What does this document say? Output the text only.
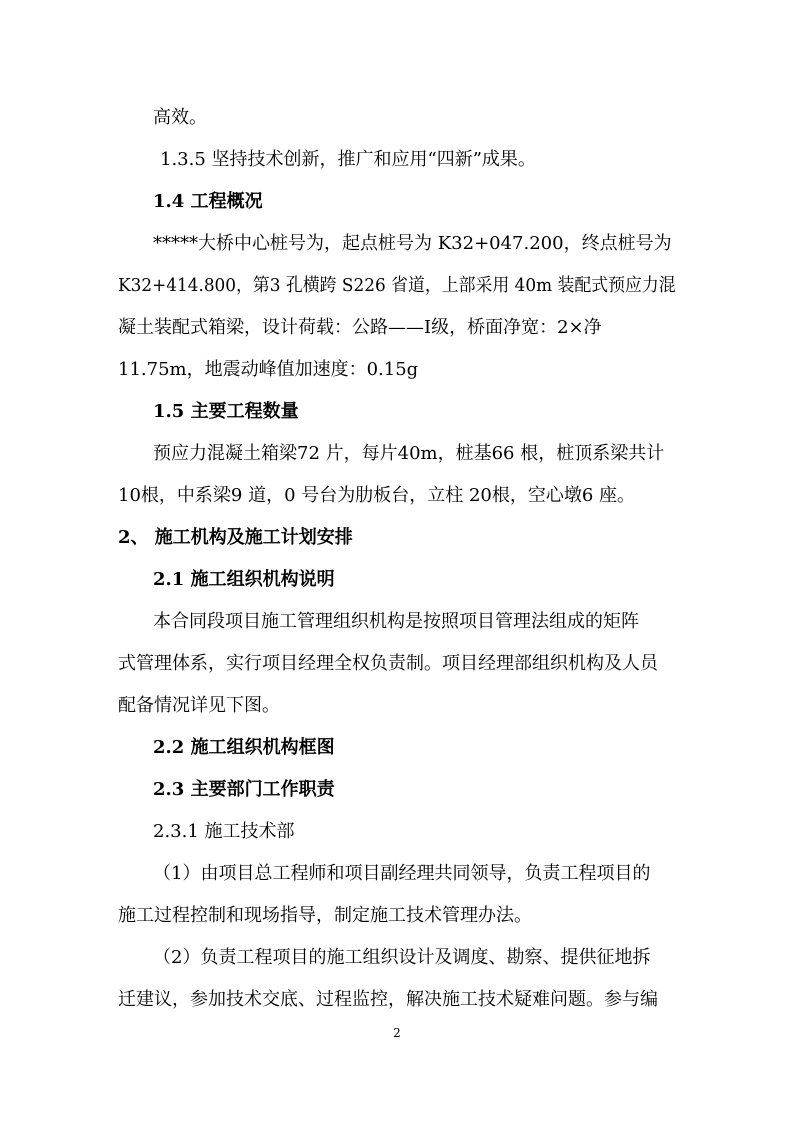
高效。
1.3.5 坚持技术创新，推广和应用“四新”成果。
1.4 工程概况
*****大桥中心桩号为，起点桩号为 K32+047.200，终点桩号为
K32+414.800，第3 孔横跨 S226 省道，上部采用 40m 装配式预应力混
凝土装配式箱梁，设计荷载：公路——Ⅰ级，桥面净宽：2×净
11.75m，地震动峰值加速度：0.15g
1.5 主要工程数量
预应力混凝土箱梁72 片，每片40m，桩基66 根，桩顶系梁共计
10根，中系梁9 道，0 号台为肋板台，立柱 20根，空心墩6 座。
2、 施工机构及施工计划安排
2.1 施工组织机构说明
本合同段项目施工管理组织机构是按照项目管理法组成的矩阵
式管理体系，实行项目经理全权负责制。项目经理部组织机构及人员
配备情况详见下图。
2.2 施工组织机构框图
2.3 主要部门工作职责
2.3.1 施工技术部
（1）由项目总工程师和项目副经理共同领导，负责工程项目的
施工过程控制和现场指导，制定施工技术管理办法。
（2）负责工程项目的施工组织设计及调度、勘察、提供征地拆
迁建议，参加技术交底、过程监控，解决施工技术疑难问题。参与编
2
